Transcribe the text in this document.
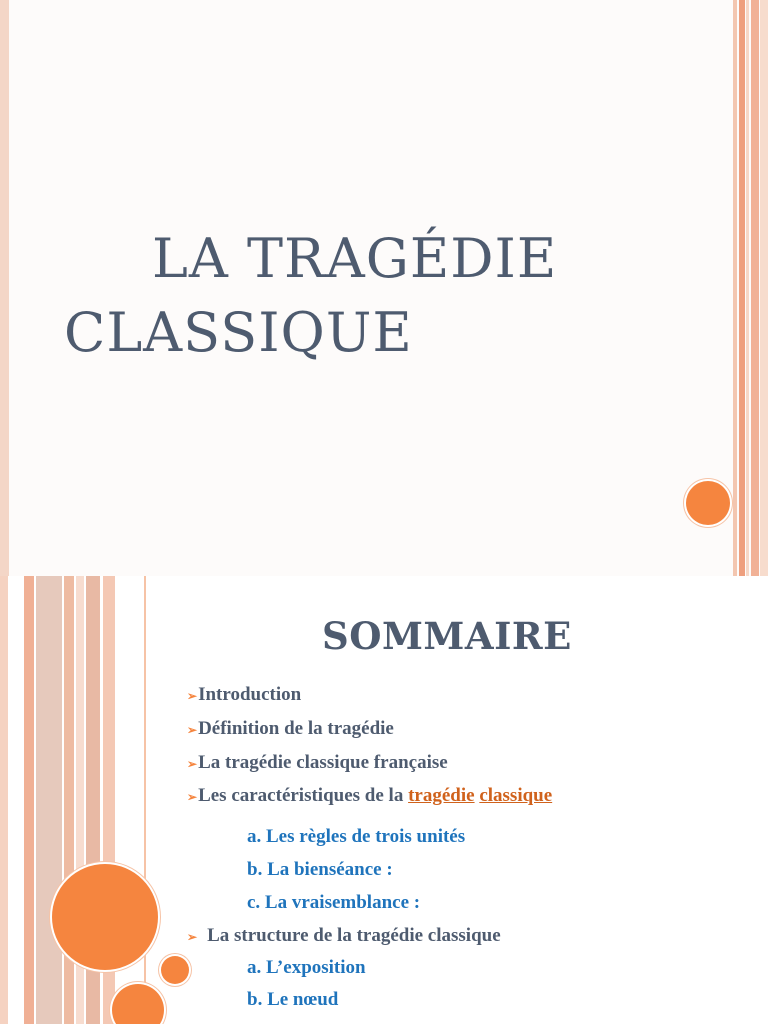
LA TRAGÉDIE
CLASSIQUE
SOMMAIRE
➢Introduction
➢Définition de la tragédie
➢La tragédie classique française
➢Les caractéristiques de la tragédie classique
a. Les règles de trois unités
b. La bienséance :
c. La vraisemblance :
➢ La structure de la tragédie classique
a. L’exposition
b. Le nœud
